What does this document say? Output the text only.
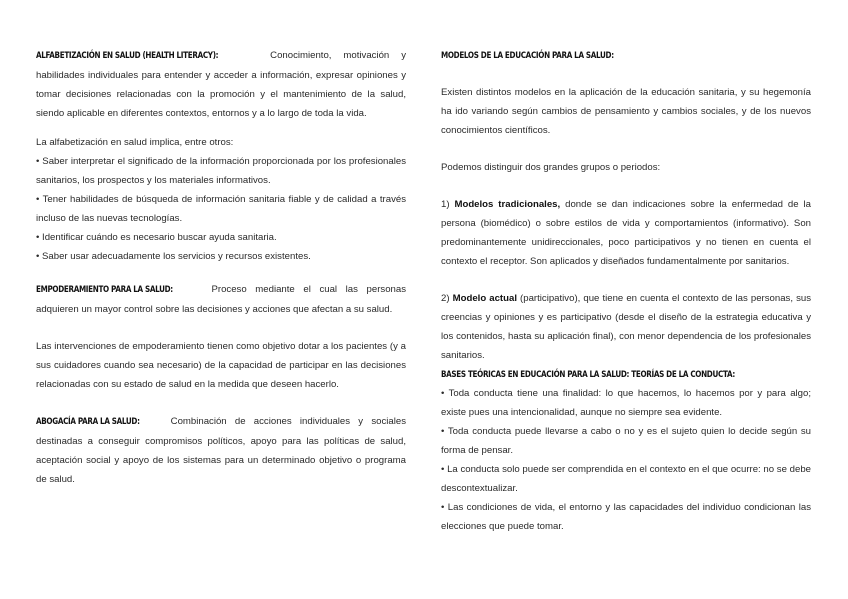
ALFABETIZACIÓN EN SALUD (HEALTH LITERACY):	Conocimiento, motivación y habilidades individuales para entender y acceder a información, expresar opiniones y tomar decisiones relacionadas con la promoción y el mantenimiento de la salud, siendo aplicable en diferentes contextos, entornos y a lo largo de toda la vida.

La alfabetización en salud implica, entre otros:

• Saber interpretar el significado de la información proporcionada por los profesionales sanitarios, los prospectos y los materiales informativos.

• Tener habilidades de búsqueda de información sanitaria fiable y de calidad a través incluso de las nuevas tecnologías.

• Identificar cuándo es necesario buscar ayuda sanitaria.

• Saber usar adecuadamente los servicios y recursos existentes.

EMPODERAMIENTO PARA LA SALUD:	Proceso mediante el cual las personas adquieren un mayor control sobre las decisiones y acciones que afectan a su salud.

Las intervenciones de empoderamiento tienen como objetivo dotar a los pacientes (y a sus cuidadores cuando sea necesario) de la capacidad de participar en las decisiones relacionadas con su estado de salud en la medida que deseen hacerlo.

ABOGACÍA PARA LA SALUD: Combinación de acciones individuales y sociales destinadas a conseguir compromisos políticos, apoyo para las políticas de salud, aceptación social y apoyo de los sistemas para un determinado objetivo o programa de salud.

MODELOS DE LA EDUCACIÓN PARA LA SALUD:

Existen distintos modelos en la aplicación de la educación sanitaria, y su hegemonía ha ido variando según cambios de pensamiento y cambios sociales, y de los nuevos conocimientos científicos.

Podemos distinguir dos grandes grupos o periodos:

1) Modelos tradicionales, donde se dan indicaciones sobre la enfermedad de la persona (biomédico) o sobre estilos de vida y comportamientos (informativo). Son predominantemente unidireccionales, poco participativos y no tienen en cuenta el contexto el receptor. Son aplicados y diseñados fundamentalmente por sanitarios.

2) Modelo actual (participativo), que tiene en cuenta el contexto de las personas, sus creencias y opiniones y es participativo (desde el diseño de la estrategia educativa y los contenidos, hasta su aplicación final), con menor dependencia de los profesionales sanitarios.

BASES TEÓRICAS EN EDUCACIÓN PARA LA SALUD: TEORÍAS DE LA CONDUCTA:

• Toda conducta tiene una finalidad: lo que hacemos, lo hacemos por y para algo; existe pues una intencionalidad, aunque no siempre sea evidente.

• Toda conducta puede llevarse a cabo o no y es el sujeto quien lo decide según su forma de pensar.

• La conducta solo puede ser comprendida en el contexto en el que ocurre: no se debe descontextualizar.

• Las condiciones de vida, el entorno y las capacidades del individuo condicionan las elecciones que puede tomar.
